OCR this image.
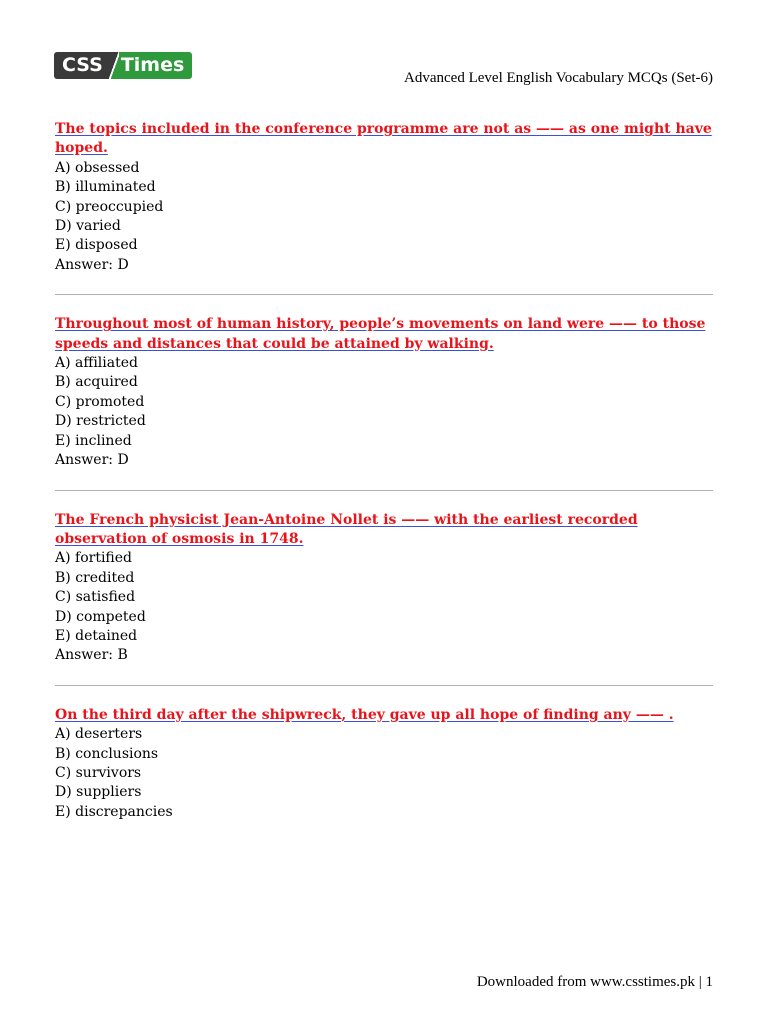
CSS Times
Advanced Level English Vocabulary MCQs (Set-6)
The topics included in the conference programme are not as —— as one might have hoped.
A) obsessed
B) illuminated
C) preoccupied
D) varied
E) disposed
Answer: D
Throughout most of human history, people’s movements on land were —— to those speeds and distances that could be attained by walking.
A) affiliated
B) acquired
C) promoted
D) restricted
E) inclined
Answer: D
The French physicist Jean-Antoine Nollet is —— with the earliest recorded observation of osmosis in 1748.
A) fortified
B) credited
C) satisfied
D) competed
E) detained
Answer: B
On the third day after the shipwreck, they gave up all hope of finding any —— .
A) deserters
B) conclusions
C) survivors
D) suppliers
E) discrepancies
Downloaded from www.csstimes.pk | 1
